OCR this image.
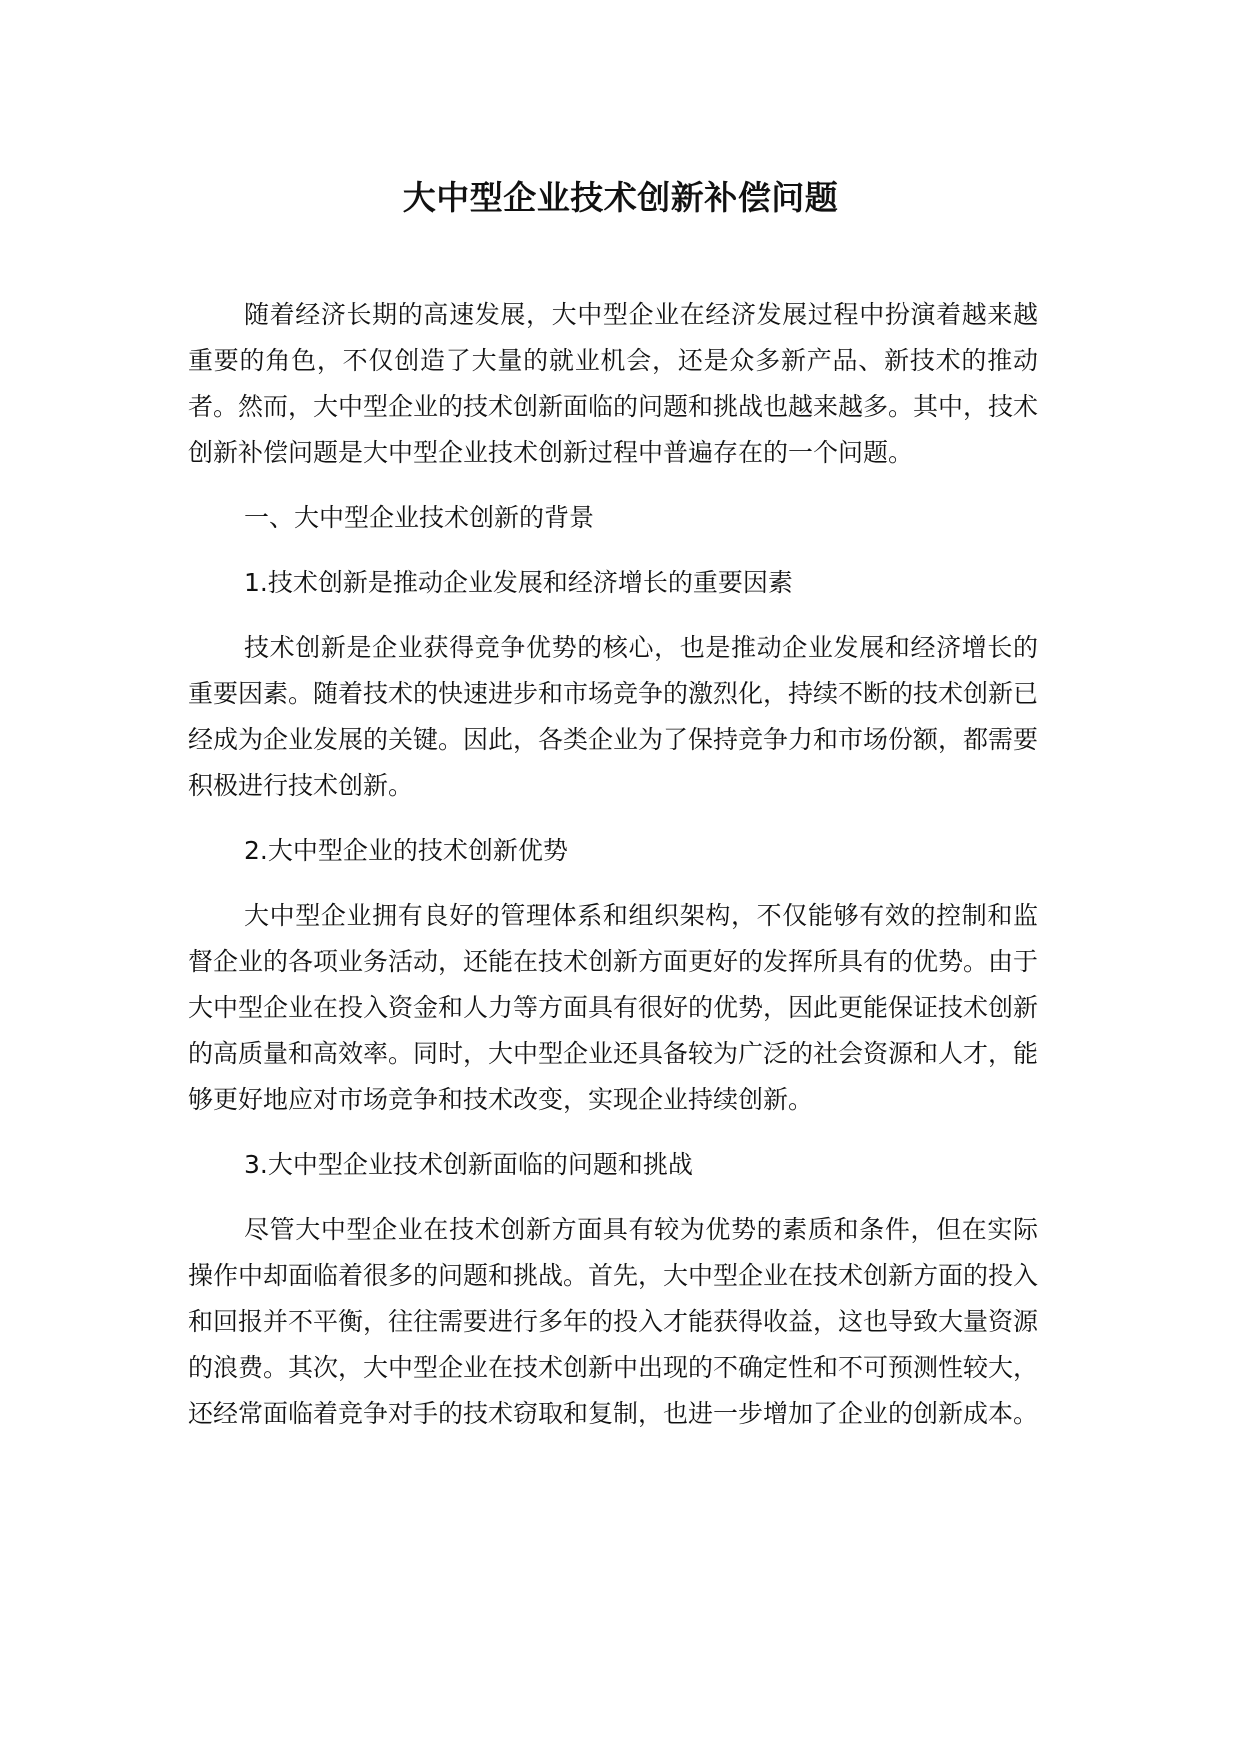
大中型企业技术创新补偿问题

随着经济长期的高速发展，大中型企业在经济发展过程中扮演着越来越重要的角色，不仅创造了大量的就业机会，还是众多新产品、新技术的推动者。然而，大中型企业的技术创新面临的问题和挑战也越来越多。其中，技术创新补偿问题是大中型企业技术创新过程中普遍存在的一个问题。

一、大中型企业技术创新的背景

1.技术创新是推动企业发展和经济增长的重要因素

技术创新是企业获得竞争优势的核心，也是推动企业发展和经济增长的重要因素。随着技术的快速进步和市场竞争的激烈化，持续不断的技术创新已经成为企业发展的关键。因此，各类企业为了保持竞争力和市场份额，都需要积极进行技术创新。

2.大中型企业的技术创新优势

大中型企业拥有良好的管理体系和组织架构，不仅能够有效的控制和监督企业的各项业务活动，还能在技术创新方面更好的发挥所具有的优势。由于大中型企业在投入资金和人力等方面具有很好的优势，因此更能保证技术创新的高质量和高效率。同时，大中型企业还具备较为广泛的社会资源和人才，能够更好地应对市场竞争和技术改变，实现企业持续创新。

3.大中型企业技术创新面临的问题和挑战

尽管大中型企业在技术创新方面具有较为优势的素质和条件，但在实际操作中却面临着很多的问题和挑战。首先，大中型企业在技术创新方面的投入和回报并不平衡，往往需要进行多年的投入才能获得收益，这也导致大量资源的浪费。其次，大中型企业在技术创新中出现的不确定性和不可预测性较大，还经常面临着竞争对手的技术窃取和复制，也进一步增加了企业的创新成本。
